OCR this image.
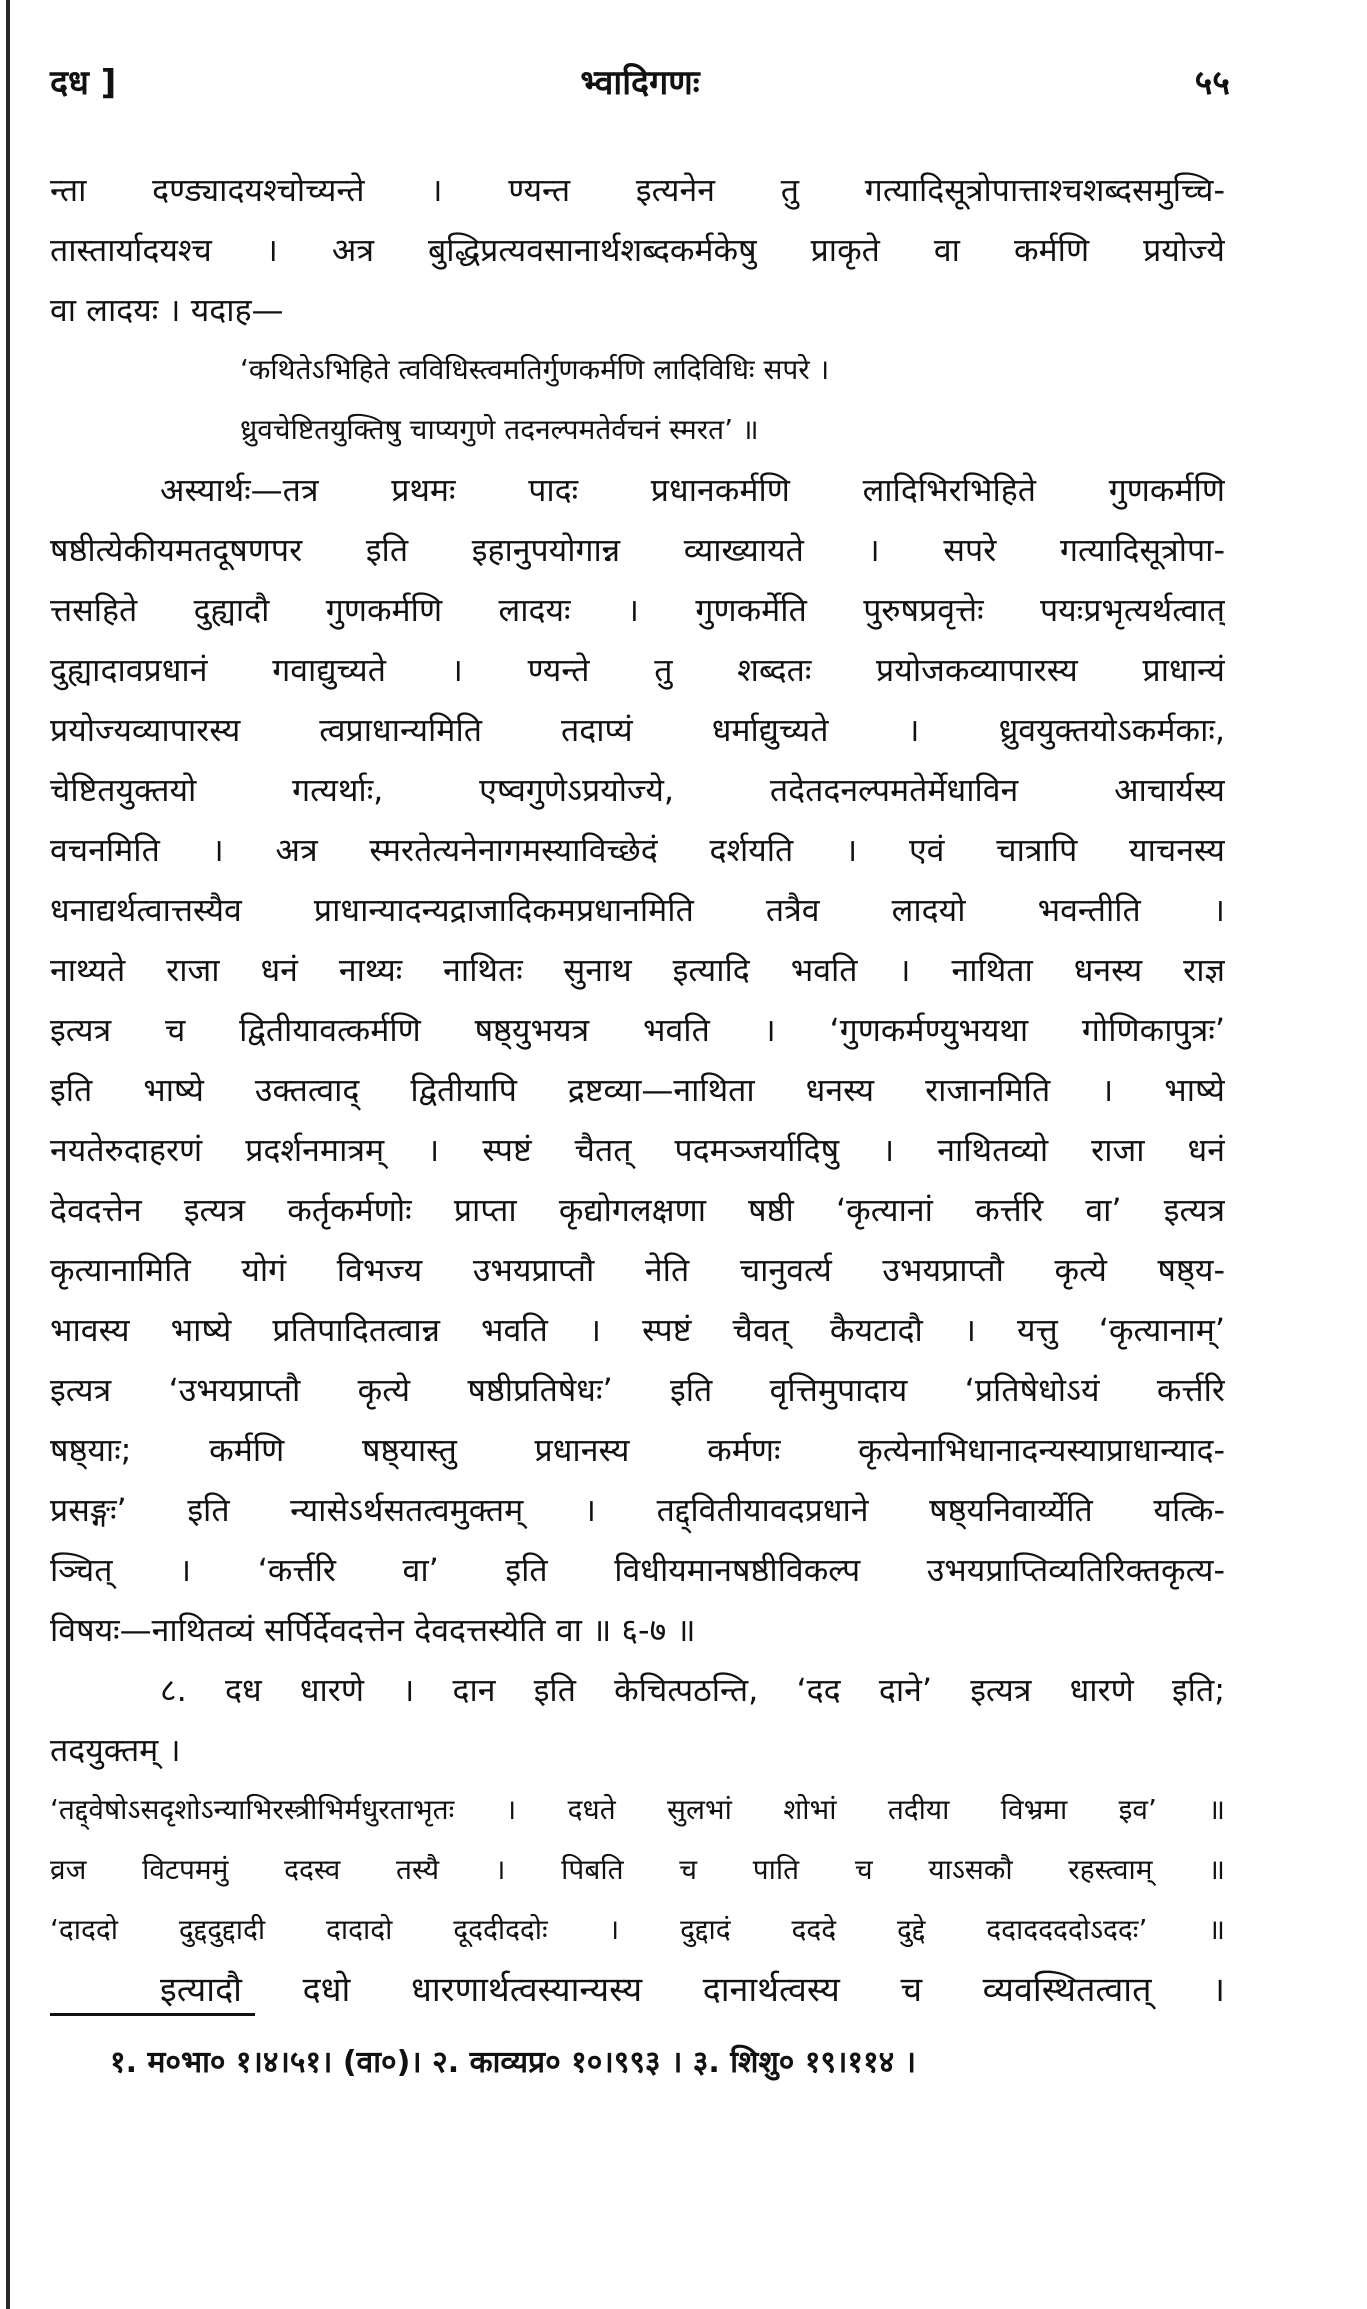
दध ]	भ्वादिगणः	५५
न्ता दण्ड्यादयश्चोच्यन्ते । ण्यन्त इत्यनेन तु गत्यादिसूत्रोपात्ताश्चशब्दसमुच्चि-
तास्तार्यादयश्च । अत्र बुद्धिप्रत्यवसानार्थशब्दकर्मकेषु प्राकृते वा कर्मणि प्रयोज्ये
वा लादयः । यदाह—
‘कथितेऽभिहिते त्वविधिस्त्वमतिर्गुणकर्मणि लादिविधिः सपरे ।
ध्रुवचेष्टितयुक्तिषु चाप्यगुणे तदनल्पमतेर्वचनं स्मरत’ ॥
अस्यार्थः—तत्र प्रथमः पादः प्रधानकर्मणि लादिभिरभिहिते गुणकर्मणि
षष्ठीत्येकीयमतदूषणपर इति इहानुपयोगान्न व्याख्यायते । सपरे गत्यादिसूत्रोपा-
त्तसहिते दुह्यादौ गुणकर्मणि लादयः । गुणकर्मेति पुरुषप्रवृत्तेः पयःप्रभृत्यर्थत्वात्
दुह्यादावप्रधानं गवाद्युच्यते । ण्यन्ते तु शब्दतः प्रयोजकव्यापारस्य प्राधान्यं
प्रयोज्यव्यापारस्य त्वप्राधान्यमिति तदाप्यं धर्माद्युच्यते । ध्रुवयुक्तयोऽकर्मकाः,
चेष्टितयुक्तयो गत्यर्थाः, एष्वगुणेऽप्रयोज्ये, तदेतदनल्पमतेर्मेधाविन आचार्यस्य
वचनमिति । अत्र स्मरतेत्यनेनागमस्याविच्छेदं दर्शयति । एवं चात्रापि याचनस्य
धनाद्यर्थत्वात्तस्यैव प्राधान्यादन्यद्राजादिकमप्रधानमिति तत्रैव लादयो भवन्तीति ।
नाथ्यते राजा धनं नाथ्यः नाथितः सुनाथ इत्यादि भवति । नाथिता धनस्य राज्ञ
इत्यत्र च द्वितीयावत्कर्मणि षष्ठ्युभयत्र भवति । ‘गुणकर्मण्युभयथा गोणिकापुत्रः’
इति भाष्ये उक्तत्वाद् द्वितीयापि द्रष्टव्या—नाथिता धनस्य राजानमिति । भाष्ये
नयतेरुदाहरणं प्रदर्शनमात्रम् । स्पष्टं चैतत् पदमञ्जर्यादिषु । नाथितव्यो राजा धनं
देवदत्तेन इत्यत्र कर्तृकर्मणोः प्राप्ता कृद्योगलक्षणा षष्ठी ‘कृत्यानां कर्त्तरि वा’ इत्यत्र
कृत्यानामिति योगं विभज्य उभयप्राप्तौ नेति चानुवर्त्य उभयप्राप्तौ कृत्ये षष्ठ्य-
भावस्य भाष्ये प्रतिपादितत्वान्न भवति । स्पष्टं चैवत् कैयटादौ । यत्तु ‘कृत्यानाम्’
इत्यत्र ‘उभयप्राप्तौ कृत्ये षष्ठीप्रतिषेधः’ इति वृत्तिमुपादाय ‘प्रतिषेधोऽयं कर्त्तरि
षष्ठ्याः; कर्मणि षष्ठ्यास्तु प्रधानस्य कर्मणः कृत्येनाभिधानादन्यस्याप्राधान्याद-
प्रसङ्गः’ इति न्यासेऽर्थसतत्वमुक्तम् । तद्द्वितीयावदप्रधाने षष्ठ्यनिवार्य्येति यत्कि-
ञ्चित् । ‘कर्त्तरि वा’ इति विधीयमानषष्ठीविकल्प उभयप्राप्तिव्यतिरिक्तकृत्य-
विषयः—नाथितव्यं सर्पिर्देवदत्तेन देवदत्तस्येति वा ॥ ६-७ ॥
८. दध धारणे । दान इति केचित्पठन्ति, ‘दद दाने’ इत्यत्र धारणे इति;
तदयुक्तम् ।
‘तद्द्वेषोऽसदृशोऽन्याभिरस्त्रीभिर्मधुरताभृतः । दधते सुलभां शोभां तदीया विभ्रमा इव’ ॥
व्रज विटपममुं ददस्व तस्यै । पिबति च पाति च याऽसकौ रहस्त्वाम् ॥
‘दाददो दुद्ददुद्दादी दादादो दूददीददोः । दुद्दादं दददे दुद्दे ददाददददोऽददः’ ॥
इत्यादौ दधो धारणार्थत्वस्यान्यस्य दानार्थत्वस्य च व्यवस्थितत्वात् ।
१. म०भा० १।४।५१। (वा०)। २. काव्यप्र० १०।९९३ । ३. शिशु० १९।११४ ।
